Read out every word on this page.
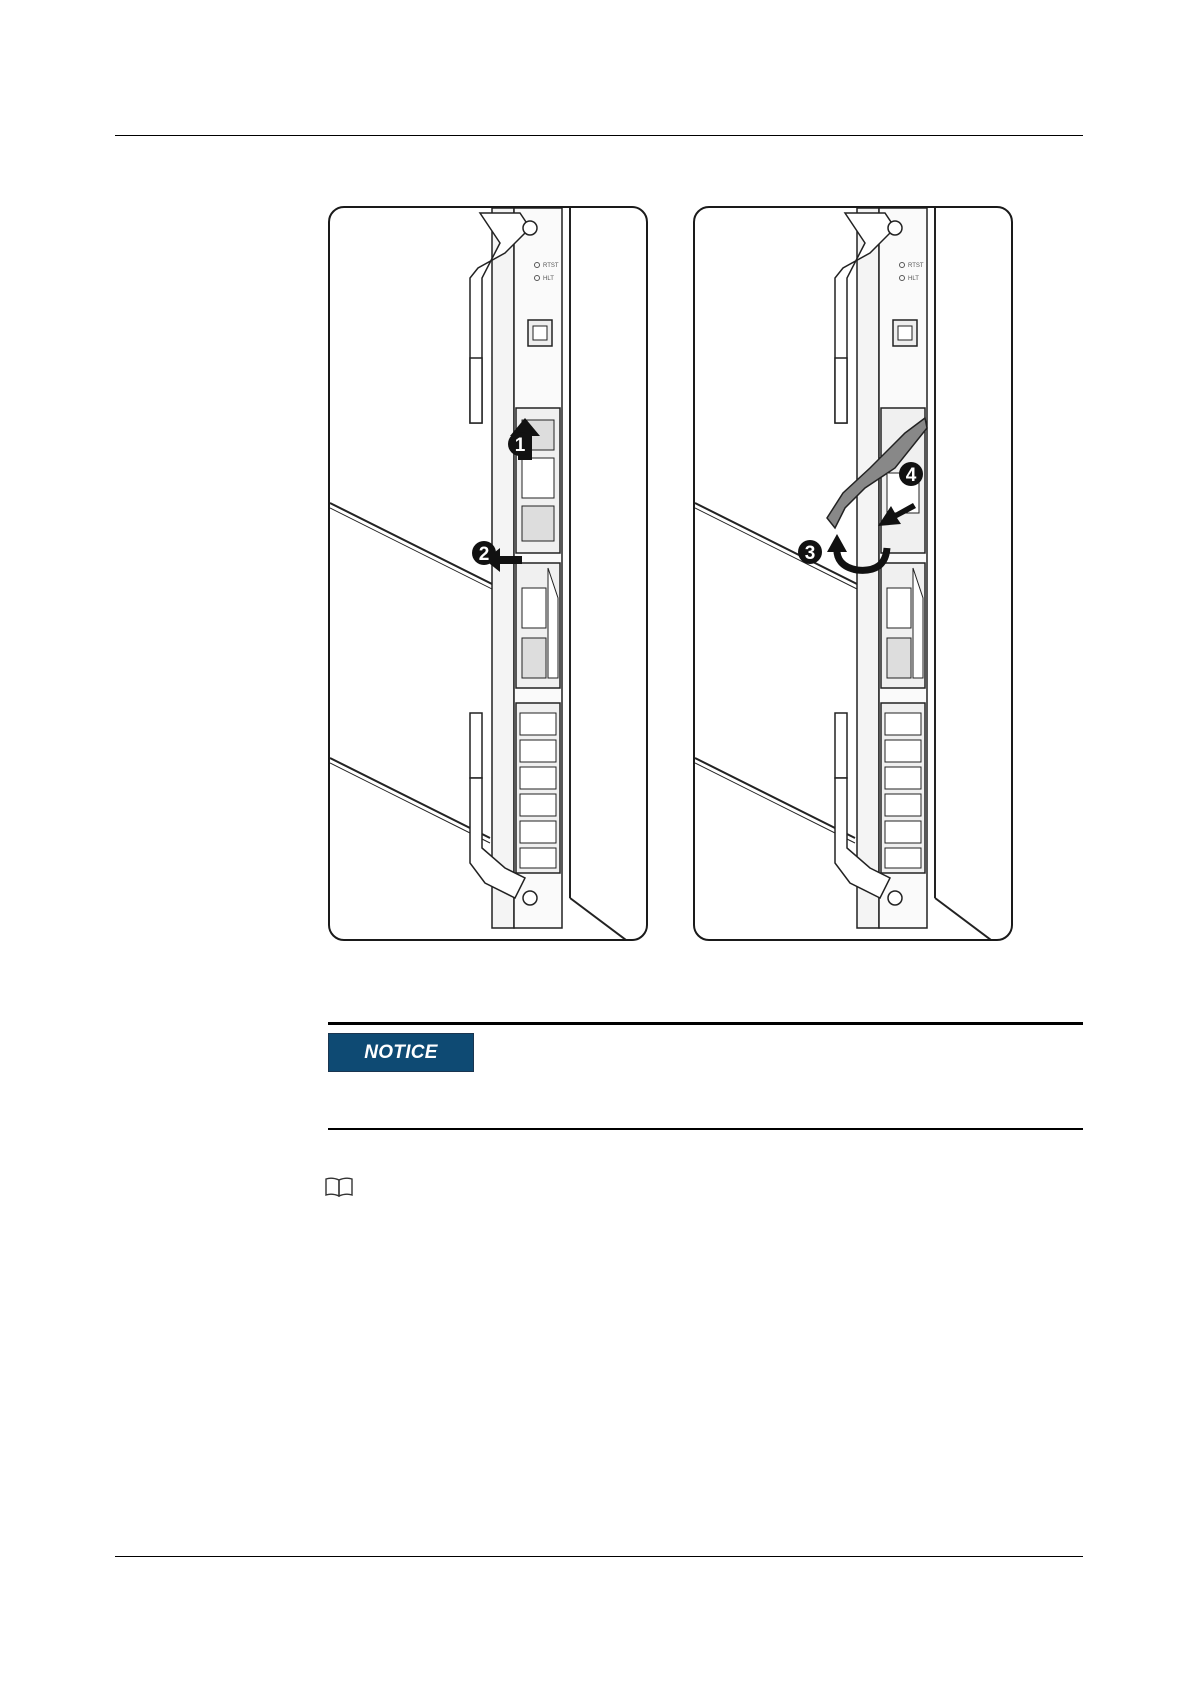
RTST
HLT
1
2
RTST
HLT
3
4
NOTICE
